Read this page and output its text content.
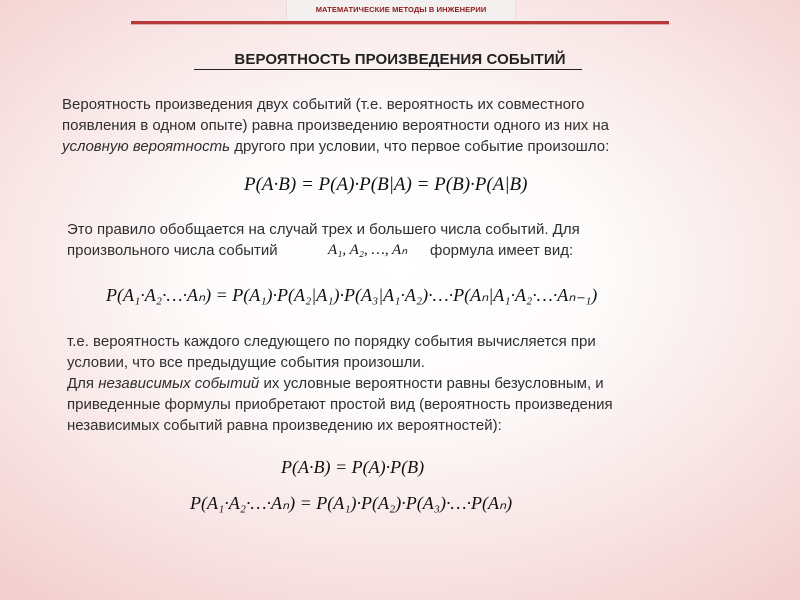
МАТЕМАТИЧЕСКИЕ МЕТОДЫ В ИНЖЕНЕРИИ
ВЕРОЯТНОСТЬ ПРОИЗВЕДЕНИЯ СОБЫТИЙ
Вероятность произведения двух событий (т.е. вероятность их совместного
появления в одном опыте) равна произведению вероятности одного из них на
условную вероятность другого при условии, что первое событие произошло:
P(A·B) = P(A)·P(B|A) = P(B)·P(A|B)
Это правило обобщается на случай трех и большего числа событий. Для
произвольного числа событий	A₁, A₂, …, Aₙ формула имеет вид:
P(A₁·A₂·…·Aₙ) = P(A₁)·P(A₂|A₁)·P(A₃|A₁·A₂)·…·P(Aₙ|A₁·A₂·…·Aₙ₋₁)
т.е. вероятность каждого следующего по порядку события вычисляется при
условии, что все предыдущие события произошли.
Для независимых событий их условные вероятности равны безусловным, и
приведенные формулы приобретают простой вид (вероятность произведения
независимых событий равна произведению их вероятностей):
P(A·B) = P(A)·P(B)
P(A₁·A₂·…·Aₙ) = P(A₁)·P(A₂)·P(A₃)·…·P(Aₙ)
